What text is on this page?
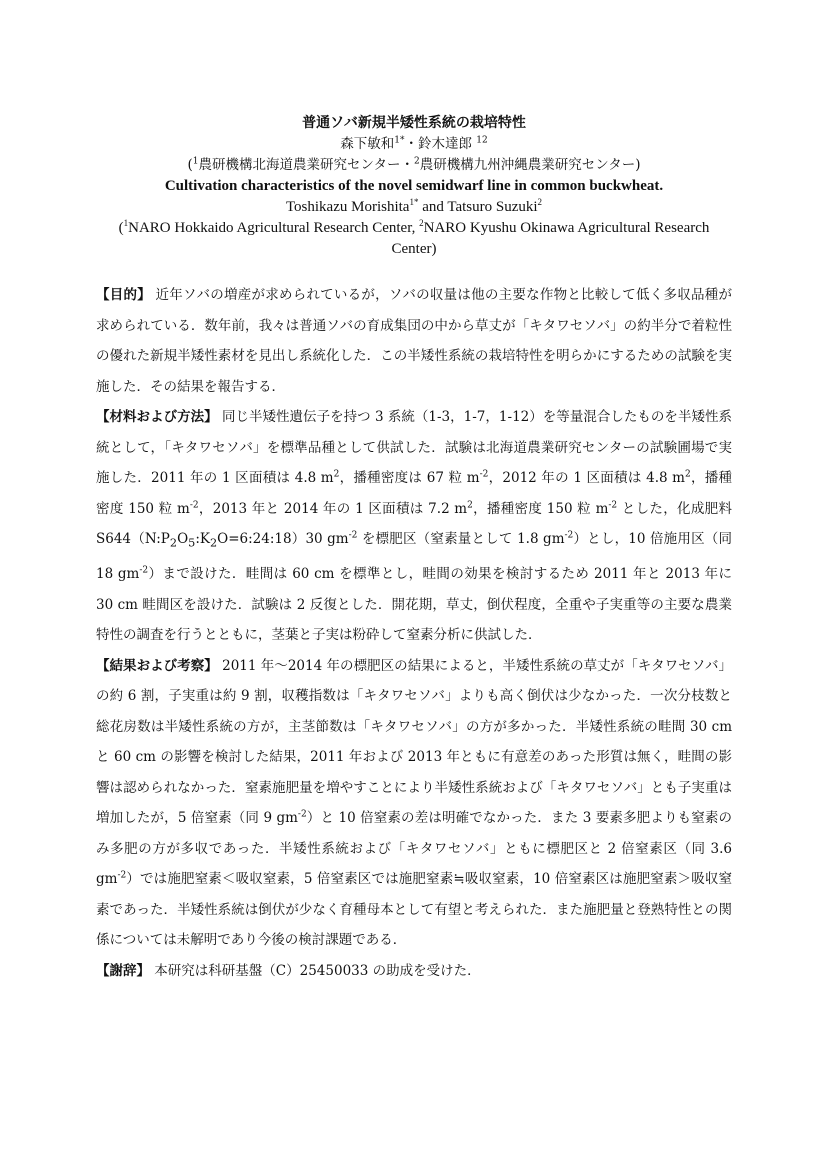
普通ソバ新規半矮性系統の栽培特性
森下敏和$^{1*}$・鈴木達郎 $^{12}$
($^1$農研機構北海道農業研究センター・$^2$農研機構九州沖縄農業研究センター)
Cultivation characteristics of the novel semidwarf line in common buckwheat.
Toshikazu Morishita$^{1*}$ and Tatsuro Suzuki$^2$
($^1$NARO Hokkaido Agricultural Research Center, $^2$NARO Kyushu Okinawa Agricultural Research Center)

【目的】 近年ソバの増産が求められているが，ソバの収量は他の主要な作物と比較して低く多収品種が求められている．数年前，我々は普通ソバの育成集団の中から草丈が「キタワセソバ」の約半分で着粒性の優れた新規半矮性素材を見出し系統化した．この半矮性系統の栽培特性を明らかにするための試験を実施した．その結果を報告する．

【材料および方法】 同じ半矮性遺伝子を持つ 3 系統（1-3，1-7，1-12）を等量混合したものを半矮性系統として，「キタワセソバ」を標準品種として供試した．試験は北海道農業研究センターの試験圃場で実施した．2011 年の 1 区面積は 4.8 $m^2$，播種密度は 67 粒 $m^{-2}$，2012 年の 1 区面積は 4.8 $m^2$，播種密度 150 粒 $m^{-2}$，2013 年と 2014 年の 1 区面積は 7.2 $m^2$，播種密度 150 粒 $m^{-2}$ とした，化成肥料 $S644(N:P_2O_5:K_2O=6:24:18)30$ $gm^{-2}$ を標肥区（窒素量として 1.8 $gm^{-2}$）とし，10 倍施用区（同 18 $gm^{-2}$）まで設けた．畦間は 60 cm を標準とし，畦間の効果を検討するため 2011 年と 2013 年に 30 cm 畦間区を設けた．試験は 2 反復とした．開花期，草丈，倒伏程度，全重や子実重等の主要な農業特性の調査を行うとともに，茎葉と子実は粉砕して窒素分析に供試した．

【結果および考察】 2011 年～2014 年の標肥区の結果によると，半矮性系統の草丈が「キタワセソバ」の約 6 割，子実重は約 9 割，収穫指数は「キタワセソバ」よりも高く倒伏は少なかった．一次分枝数と総花房数は半矮性系統の方が，主茎節数は「キタワセソバ」の方が多かった．半矮性系統の畦間 30 cm と 60 cm の影響を検討した結果，2011 年および 2013 年ともに有意差のあった形質は無く，畦間の影響は認められなかった．窒素施肥量を増やすことにより半矮性系統および「キタワセソバ」とも子実重は増加したが，5 倍窒素（同 9 $gm^{-2}$）と 10 倍窒素の差は明確でなかった．また 3 要素多肥よりも窒素のみ多肥の方が多収であった．半矮性系統および「キタワセソバ」ともに標肥区と 2 倍窒素区（同 3.6 $gm^{-2}$）では施肥窒素＜吸収窒素，5 倍窒素区では施肥窒素≒吸収窒素，10 倍窒素区は施肥窒素＞吸収窒素であった．半矮性系統は倒伏が少なく育種母本として有望と考えられた．また施肥量と登熟特性との関係については未解明であり今後の検討課題である．

【謝辞】 本研究は科研基盤（C）25450033 の助成を受けた．
